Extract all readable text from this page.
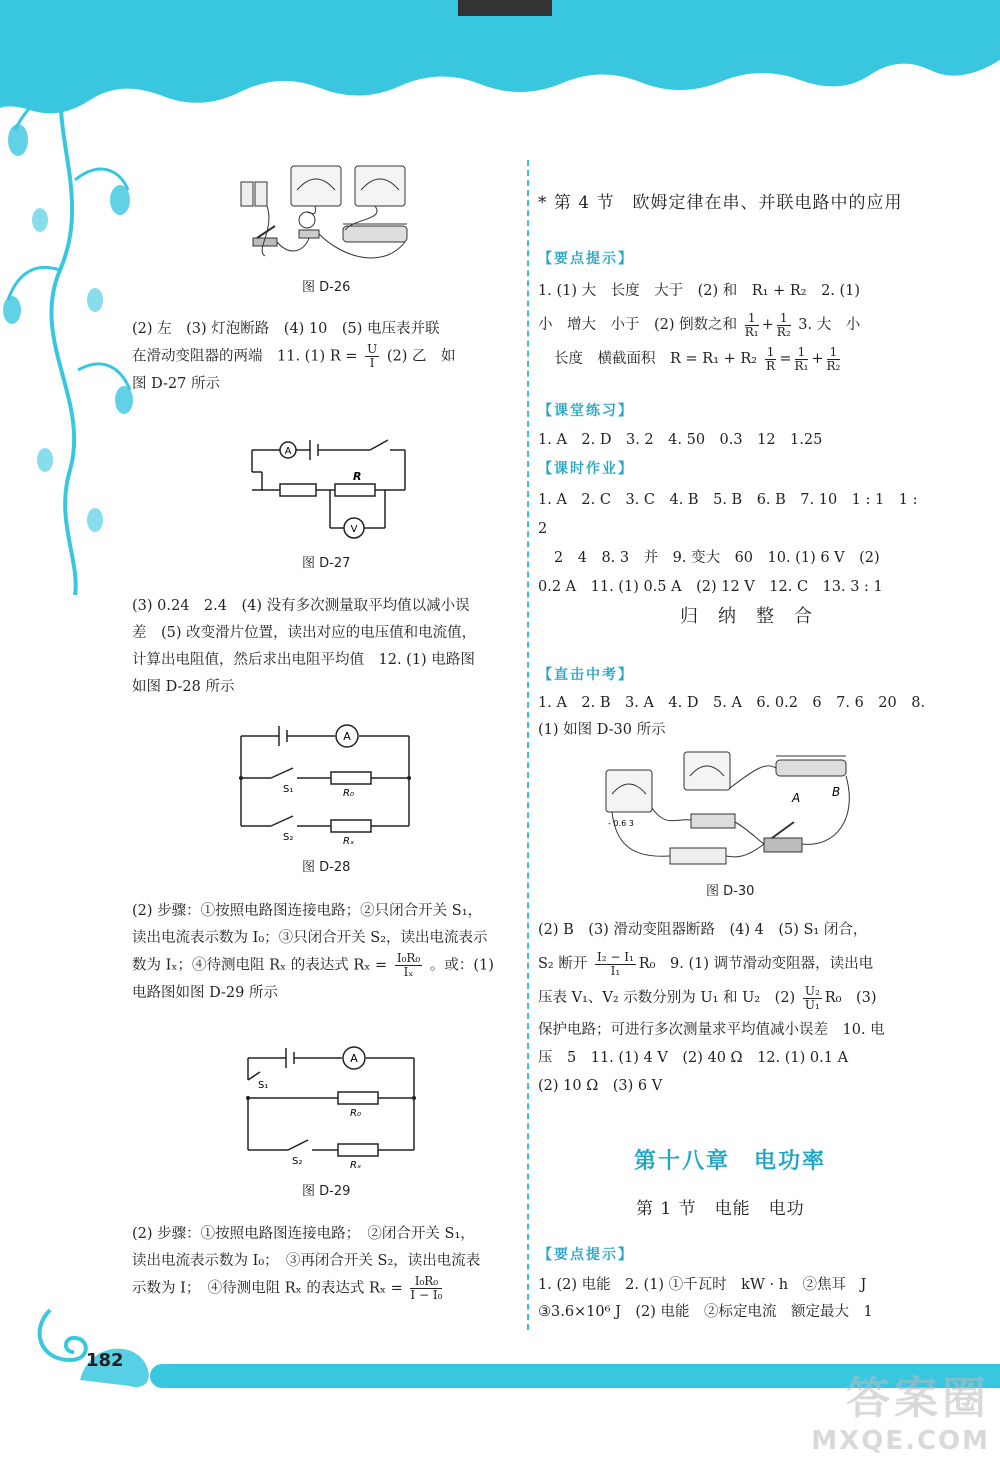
图 D-26
(2) 左　(3) 灯泡断路　(4) 10　(5) 电压表并联
在滑动变阻器的两端　11. (1) $R = \frac{U}{I} (2)$ 乙　如
图 D-27 所示
A
V
R
图 D-27
(3) 0.24　2.4　(4) 没有多次测量取平均值以减小误
差　(5) 改变滑片位置，读出对应的电压值和电流值，
计算出电阻值，然后求出电阻平均值　12. (1) 电路图
如图 D-28 所示
A
S₁	R₀
S₂	Rₓ
图 D-28
(2) 步骤：①按照电路图连接电路；②只闭合开关 S₁，
读出电流表示数为 I₀；③只闭合开关 S₂，读出电流表示
数为 Iₓ；④待测电阻 Rₓ 的表达式 $R_x = \frac{\text{I₀R₀}}{\text{Iₓ}}$ 。或：(1)
电路图如图 D-29 所示
A
S₁
R₀
S₂	Rₓ
图 D-29
(2) 步骤：①按照电路图连接电路；　②闭合开关 S₁，
读出电流表示数为 I₀；　③再闭合开关 S₂，读出电流表
示数为 I；　④待测电阻 Rₓ 的表达式 $R_x = \frac{\text{I₀R₀}}{\text{I − I₀}}$
* 第 4 节　欧姆定律在串、并联电路中的应用
【要点提示】
1. (1) 大　长度　大于　(2) 和　R₁ + R₂　2. (1)
小　增大　小于　(2) 倒数之和 $\frac{1}{\text{R₁}} + \frac{1}{\text{R₂}} 3$. 大　小
长度　横截面积　$R = R_1 + R_2 \frac{1}{R} = \frac{1}{\text{R₁}} + \frac{1}{\text{R₂}}$
【课堂练习】
1. A　2. D　3. 2　4. 50　0.3　12　1.25
【课时作业】
1. A　2. C　3. C　4. B　5. B　6. B　7. 10　1 : 1　1 : 2
2　4　8. 3　并　9. 变大　60　10. (1) 6 V　(2)
0.2 A　11. (1) 0.5 A　(2) 12 V　12. C　13. 3 : 1
归　纳　整　合
【直击中考】
1. A　2. B　3. A　4. D　5. A　6. 0.2　6　7. 6　20　8.
(1) 如图 D-30 所示
A	B
- 0.6 3
图 D-30
(2) B　(3) 滑动变阻器断路　(4) 4　(5) S₁ 闭合，
S₂ 断开 $\frac{\text{I₂ − I₁}}{\text{I₁}} R_0$　9. (1) 调节滑动变阻器，读出电
压表 V₁、V₂ 示数分别为 U₁ 和 U₂　$(2) \frac{\text{U₂}}{\text{U₁}} R_0$　(3)
保护电路；可进行多次测量求平均值减小误差　10. 电
压　5　11. (1) 4 V　(2) 40 Ω　12. (1) 0.1 A
(2) 10 Ω　(3) 6 V
第十八章　电功率
第 1 节　电能　电功
【要点提示】
1. (2) 电能　2. (1) ①千瓦时　kW · h　②焦耳　J
③3.6×10⁶ J　(2) 电能　②标定电流　额定最大　1
182
答案圈
MXQE.COM
